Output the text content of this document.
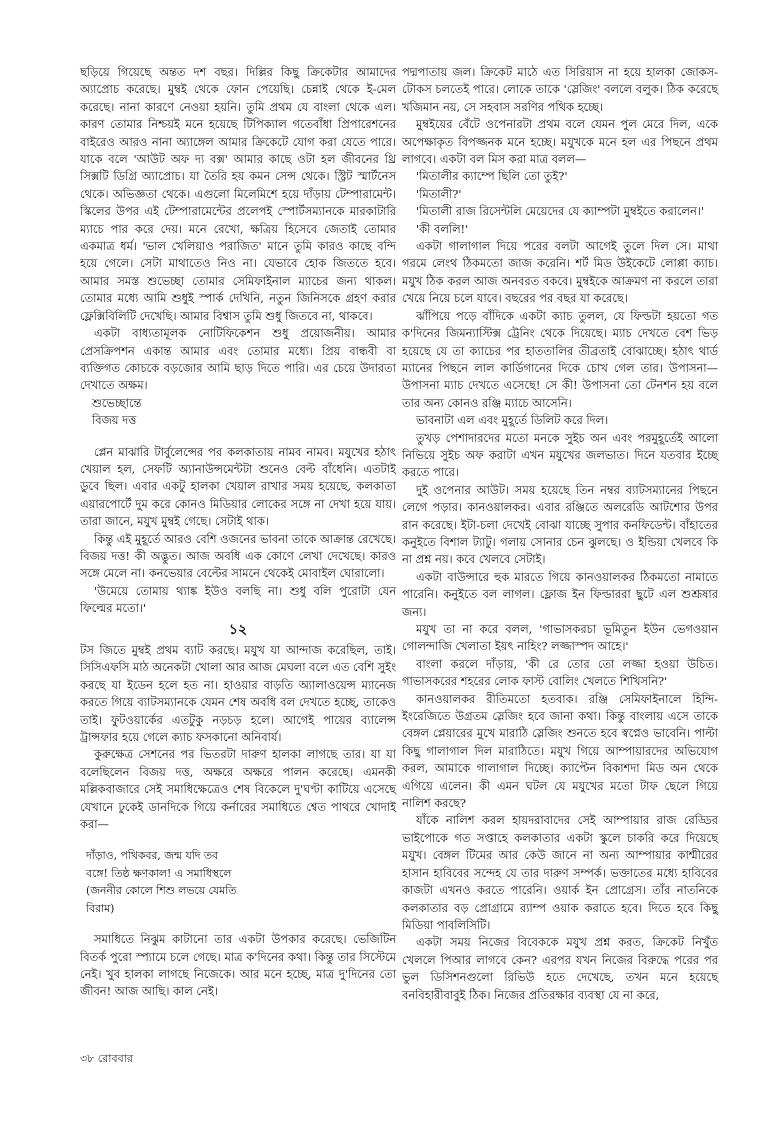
ছড়িয়ে গিয়েছে অন্তত দশ বছর। দিল্লির কিছু ক্রিকেটার আমাদের অ্যাপ্রোচ করেছে। মুম্বই থেকে ফোন পেয়েছি। চেন্নাই থেকে ই-মেল করেছে। নানা কারণে নেওয়া হয়নি। তুমি প্রথম যে বাংলা থেকে এল। কারণ তোমার নিশ্চয়ই মনে হয়েছে টিপিক্যাল গতেবাঁধা প্রিপারেশনের বাইরেও আরও নানা অ্যাঙ্গেল আমার ক্রিকেটে যোগ করা যেতে পারে। যাকে বলে 'আউট অফ দ্য বক্স' আমার কাছে ওটা হল জীবনের থ্রি সিক্সটি ডিগ্রি অ্যাপ্রোচ। যা তৈরি হয় কমন সেন্স থেকে। স্ট্রিট স্মার্টনেস থেকে। অভিজ্ঞতা থেকে। এগুলো মিলেমিশে হয়ে দাঁড়ায় টেম্পারামেন্ট। স্কিলের উপর এই টেম্পারামেন্টের প্রলেপই স্পোর্টসম্যানকে মারকাটারি ম্যাচে পার করে দেয়। মনে রেখো, ক্ষত্রিয় হিসেবে জেতাই তোমার একমাত্র ধর্ম। 'ভাল খেলিয়াও পরাজিত' মানে তুমি কারও কাছে বন্দি হয়ে গেলে। সেটা মাথাতেও নিও না। যেভাবে হোক জিততে হবে। আমার সমস্ত শুভেচ্ছা তোমার সেমিফাইনাল ম্যাচের জন্য থাকল। তোমার মধ্যে আমি শুধুই স্পার্ক দেখিনি, নতুন জিনিসকে গ্রহণ করার ফ্লেক্সিবিলিটি দেখেছি। আমার বিশ্বাস তুমি শুধু জিতবে না, থাকবে।

একটা বাধ্যতামূলক নোটিফিকেশন শুধু প্রয়োজনীয়। আমার প্রেসক্রিপশন একান্ত আমার এবং তোমার মধ্যে। প্রিয় বান্ধবী বা ব্যক্তিগত কোচকে বড়জোর আমি ছাড় দিতে পারি। এর চেয়ে উদারতা দেখাতে অক্ষম।

শুভেচ্ছান্তে

বিজয় দত্ত

প্লেন মাঝারি টার্বুলেন্সের পর কলকাতায় নামব নামব। মযুখের হঠাৎ খেয়াল হল, সেফটি অ্যানাউন্সমেন্টটা শুনেও বেল্ট বাঁধেনি। এতটাই ডুবে ছিল। এবার একটু হালকা খেয়াল রাখার সময় হয়েছে, কলকাতা এয়ারপোর্টে দুম করে কোনও মিডিয়ার লোকের সঙ্গে না দেখা হয়ে যায়। তারা জানে, মযুখ মুম্বই গেছে। সেটাই থাক।

কিন্তু এই মুহূর্তে আরও বেশি ওজনের ভাবনা তাকে আক্রান্ত রেখেছে। বিজয় দত্ত! কী অদ্ভুত। আজ অবধি এক কোণে লেখা দেখেছে। কারও সঙ্গে মেলে না। কনভেয়ার বেল্টের সামনে থেকেই মোবাইল ঘোরালো।

'উমেয়ে তোমায় থ্যাঙ্ক ইউও বলছি না। শুধু বলি পুরোটা যেন ফিল্মের মতো।'

১২

টস জিতে মুম্বই প্রথম ব্যাট করছে। মযুখ যা আন্দাজ করেছিল, তাই। সিসিএফসি মাঠ অনেকটা খোলা আর আজ মেঘলা বলে এত বেশি সুইং করছে যা ইডেন হলে হত না। হাওয়ার বাড়তি অ্যালাওয়েন্স ম্যানেজ করতে গিয়ে ব্যাটসম্যানকে যেমন শেষ অবধি বল দেখতে হচ্ছে, তাকেও তাই। ফুটওয়ার্কের এতটুকু নড়চড় হলে। আগেই পায়ের ব্যালেন্স ট্রান্সফার হয়ে গেলে ক্যাচ ফসকানো অনিবার্য।

কুরুক্ষেত্র সেশনের পর ভিতরটা দারুণ হালকা লাগছে তার। যা যা বলেছিলেন বিজয় দত্ত, অক্ষরে অক্ষরে পালন করেছে। এমনকী মল্লিকবাজারে সেই সমাধিক্ষেত্রেও শেষ বিকেলে দু'ঘণ্টা কাটিয়ে এসেছে যেখানে ঢুকেই ডানদিকে গিয়ে কর্নারের সমাধিতে শ্বেত পাথরে খোদাই করা—

দাঁড়াও, পথিকবর, জন্ম যদি তব
বঙ্গে! তিষ্ঠ ক্ষণকাল! এ সমাধিস্থলে
(জননীর কোলে শিশু লভয়ে যেমতি
বিরাম)

সমাধিতে নিঝুম কাটানো তার একটা উপকার করেছে। ভেজিটিন বিতর্ক পুরো স্প্যামে চলে গেছে। মাত্র ক'দিনের কথা। কিন্তু তার সিস্টেমে নেই। খুব হালকা লাগছে নিজেকে। আর মনে হচ্ছে, মাত্র দু'দিনের তো জীবন! আজ আছি। কাল নেই।

পদ্মপাতায় জল। ক্রিকেট মাঠে এত সিরিয়াস না হয়ে হালকা জোকস-টোকস চলতেই পারে। লোকে তাকে 'স্লেজিং' বললে বলুক। ঠিক করেছে খজিমান নয়, সে সহবাস সরণির পথিক হচ্ছে।

মুম্বইয়ের বেঁটে ওপেনারটা প্রথম বলে যেমন পুল মেরে দিল, একে অপেক্ষাকৃত বিপজ্জনক মনে হচ্ছে। মযুখকে মনে হল এর পিছনে প্রথম লাগবে। একটা বল মিস করা মাত্র বলল—

'মিতালীর ক্যাম্পে ছিলি তো তুই?'

'মিতালী?'

'মিতালী রাজ রিসেন্টলি মেয়েদের যে ক্যাম্পটা মুম্বইতে করালেন।'

'কী বললি!'

একটা গালাগাল দিয়ে পরের বলটা আগেই তুলে দিল সে। মাথা গরমে লেংথ ঠিকমতো জাজ করেনি। শর্ট মিড উইকেটে লোপ্পা ক্যাচ। মযুখ ঠিক করল আজ অনবরত বকবে। মুম্বইকে আক্রমণ না করলে তারা খেয়ে নিয়ে চলে যাবে। বছরের পর বছর যা করেছে।

ঝাঁপিয়ে পড়ে বাঁদিকে একটা ক্যাচ তুলল, যে ফিল্ডটা হয়তো গত ক'দিনের জিমন্যাস্টিক্স ট্রেনিং থেকে দিয়েছে। ম্যাচ দেখতে বেশ ভিড় হয়েছে যে তা ক্যাচের পর হাততালির তীব্রতাই বোঝাচ্ছে। হঠাৎ থার্ড ম্যানের পিছনে লাল কার্ডিগানের দিকে চোখ গেল তার। উপাসনা— উপাসনা ম্যাচ দেখতে এসেছে! সে কী! উপাসনা তো টেনশন হয় বলে তার অন্য কোনও রঞ্জি ম্যাচে আসেনি।

ভাবনাটা এল এবং মুহূর্তে ডিলিট করে দিল।

তুখড় পেশাদারদের মতো মনকে সুইচ অন এবং পরমুহূর্তেই আলো নিভিয়ে সুইচ অফ করাটা এখন মযুখের জলভাত। দিনে যতবার ইচ্ছে করতে পারে।

দুই ওপেনার আউট। সময় হয়েছে তিন নম্বর ব্যাটসম্যানের পিছনে লেগে পড়ার। কানওয়ালকর। এবার রঞ্জিতে অলরেডি আটশোর উপর রান করেছে। ইটা-চলা দেখেই বোঝা যাচ্ছে সুপার কনফিডেন্ট। বাঁহাতের কনুইতে বিশাল ট্যাটু। গলায় সোনার চেন ঝুলছে। ও ইন্ডিয়া খেলবে কি না প্রশ্ন নয়। কবে খেলবে সেটাই।

একটা বাউন্সারে হুক মারতে গিয়ে কানওয়ালকর ঠিকমতো নামাতে পারেনি। কনুইতে বল লাগল। ফ্লোজ ইন ফিল্ডাররা ছুটে এল শুশ্রূষার জন্য।

মযুখ তা না করে বলল, 'গাভাসকরচা ভূমিতুন ইউন ভেগওয়ান গোলন্দাজি খেলাতা ইয়ৎ নাহিং? লজ্জাস্পদ আহে।'

বাংলা করলে দাঁড়ায়, 'কী রে তোর তো লজ্জা হওয়া উচিত। গাভাসকরের শহরের লোক ফাস্ট বোলিং খেলতে শিখিসনি?'

কানওয়ালকর রীতিমতো হতবাক। রঞ্জি সেমিফাইনালে হিন্দি-ইংরেজিতে উগ্রতম স্লেজিং হবে জানা কথা। কিন্তু বাংলায় এসে তাকে বেঙ্গল প্লেয়ারের মুখে মারাঠি স্লেজিং শুনতে হবে স্বপ্নেও ভাবেনি। পাল্টা কিছু গালাগাল দিল মারাঠিতে। মযুখ গিয়ে আম্পায়ারদের অভিযোগ করল, আমাকে গালাগাল দিচ্ছে। ক্যাপ্টেন বিকাশদা মিড অন থেকে এগিয়ে এলেন। কী এমন ঘটল যে মযুখের মতো টাফ ছেলে গিয়ে নালিশ করছে?

যাঁকে নালিশ করল হায়দরাবাদের সেই আম্পায়ার রাজ রেড্ডির ভাইপোকে গত সপ্তাহে কলকাতার একটা স্কুলে চাকরি করে দিয়েছে মযুখ। বেঙ্গল টিমের আর কেউ জানে না অন্য আম্পায়ার কাশ্মীরের হাসান হাবিবের সন্দেহ যে তার দারুণ সম্পর্ক। ভক্তাতের মধ্যে হাবিবের কাজটা এখনও করতে পারেনি। ওয়ার্ক ইন প্রোগ্রেস। তাঁর নাতনিকে কলকাতার বড় প্রোগ্রামে র‍্যাম্প ওয়াক করাতে হবে। দিতে হবে কিছু মিডিয়া পাবলিসিটি।

একটা সময় নিজের বিবেককে মযুখ প্রশ্ন করত, ক্রিকেট নিখুঁত খেললে পিআর লাগবে কেন? এরপর যখন নিজের বিরুদ্ধে পরের পর ভুল ডিসিশনগুলো রিভিউ হতে দেখেছে, তখন মনে হয়েছে বনবিহারীবাবুই ঠিক। নিজের প্রতিরক্ষার ব্যবস্থা যে না করে,

৩৮ রোববার
